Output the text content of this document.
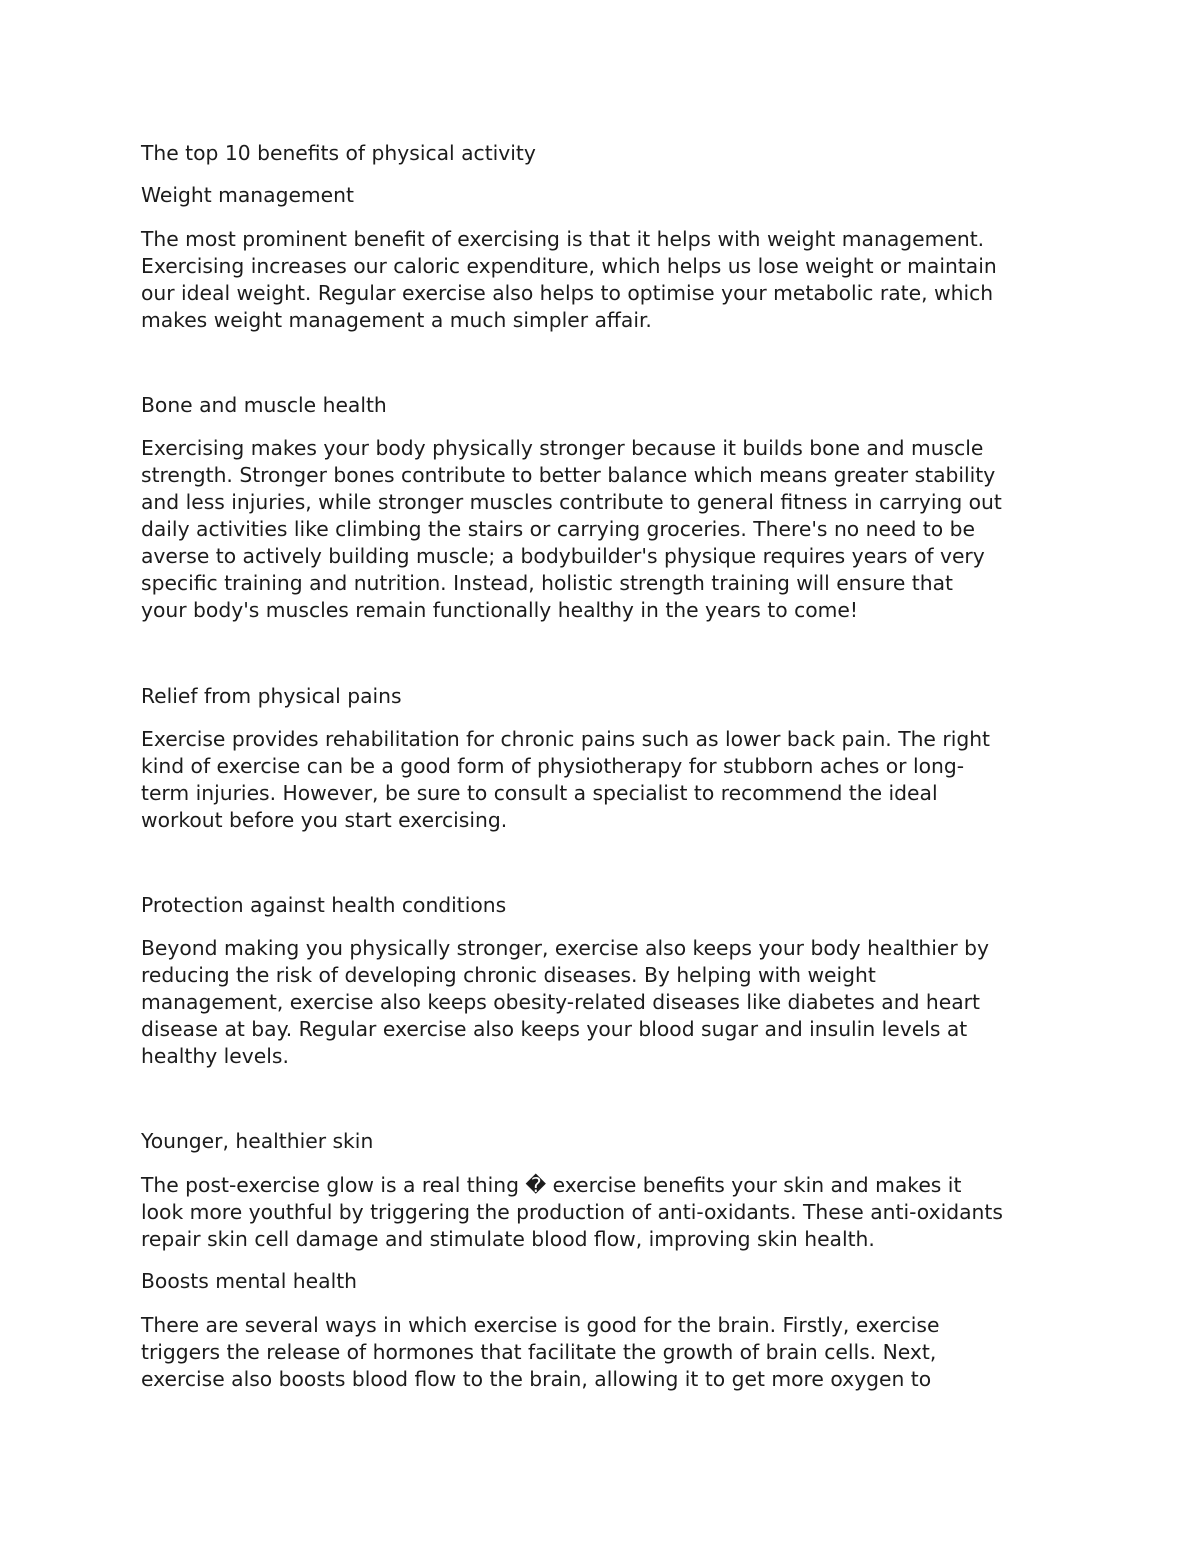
The top 10 benefits of physical activity

Weight management

The most prominent benefit of exercising is that it helps with weight management.
Exercising increases our caloric expenditure, which helps us lose weight or maintain
our ideal weight. Regular exercise also helps to optimise your metabolic rate, which
makes weight management a much simpler affair.

Bone and muscle health

Exercising makes your body physically stronger because it builds bone and muscle
strength. Stronger bones contribute to better balance which means greater stability
and less injuries, while stronger muscles contribute to general fitness in carrying out
daily activities like climbing the stairs or carrying groceries. There's no need to be
averse to actively building muscle; a bodybuilder's physique requires years of very
specific training and nutrition. Instead, holistic strength training will ensure that
your body's muscles remain functionally healthy in the years to come!

Relief from physical pains

Exercise provides rehabilitation for chronic pains such as lower back pain. The right
kind of exercise can be a good form of physiotherapy for stubborn aches or long-
term injuries. However, be sure to consult a specialist to recommend the ideal
workout before you start exercising.

Protection against health conditions

Beyond making you physically stronger, exercise also keeps your body healthier by
reducing the risk of developing chronic diseases. By helping with weight
management, exercise also keeps obesity-related diseases like diabetes and heart
disease at bay. Regular exercise also keeps your blood sugar and insulin levels at
healthy levels.

Younger, healthier skin

The post-exercise glow is a real thing � exercise benefits your skin and makes it
look more youthful by triggering the production of anti-oxidants. These anti-oxidants
repair skin cell damage and stimulate blood flow, improving skin health.

Boosts mental health

There are several ways in which exercise is good for the brain. Firstly, exercise
triggers the release of hormones that facilitate the growth of brain cells. Next,
exercise also boosts blood flow to the brain, allowing it to get more oxygen to
